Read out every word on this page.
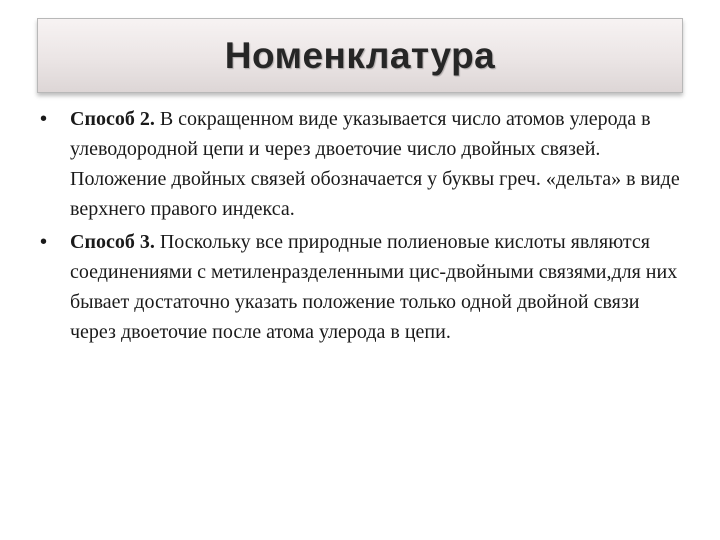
Номенклатура
• Способ 2. В сокращенном виде указывается число атомов улерода в улеводородной цепи и через двоеточие число двойных связей. Положение двойных связей обозначается у буквы греч. «дельта» в виде верхнего правого индекса.
• Способ 3. Поскольку все природные полиеновые кислоты являются соединениями с метиленразделенными цис-двойными связями,для них бывает достаточно указать положение только одной двойной связи через двоеточие после атома улерода в цепи.
